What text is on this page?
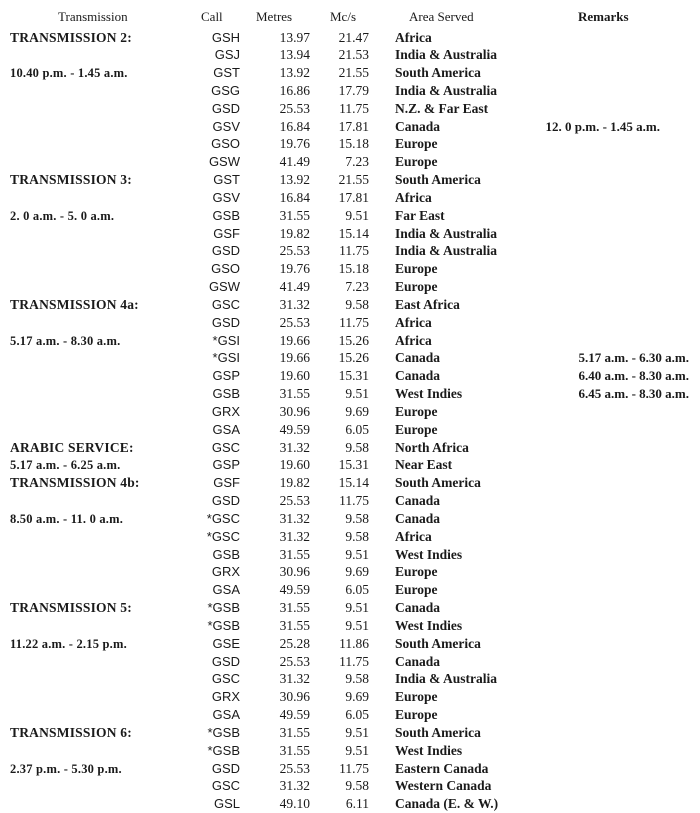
Transmission	Call	Metres	Mc/s	Area Served	Remarks
TRANSMISSION 2:	GSH	13.97	21.47 Africa
GSJ	13.94	21.53 India & Australia
10.40 p.m. - 1.45 a.m.	GST	13.92	21.55 South America
GSG	16.86	17.79 India & Australia
GSD	25.53	11.75 N.Z. & Far East
GSV	16.84	17.81 Canada	12. 0 p.m. - 1.45 a.m.
GSO	19.76	15.18 Europe
GSW	41.49	7.23 Europe
TRANSMISSION 3:	GST	13.92	21.55 South America
GSV	16.84	17.81 Africa
2. 0 a.m. - 5. 0 a.m.	GSB	31.55	9.51 Far East
GSF	19.82	15.14 India & Australia
GSD	25.53	11.75 India & Australia
GSO	19.76	15.18 Europe
GSW	41.49	7.23 Europe
TRANSMISSION 4a:	GSC	31.32	9.58 East Africa
GSD	25.53	11.75 Africa
5.17 a.m. - 8.30 a.m.	*GSI	19.66	15.26 Africa
*GSI	19.66	15.26 Canada	5.17 a.m. - 6.30 a.m.
GSP	19.60	15.31 Canada	6.40 a.m. - 8.30 a.m.
GSB	31.55	9.51 West Indies	6.45 a.m. - 8.30 a.m.
GRX	30.96	9.69 Europe
GSA	49.59	6.05 Europe
ARABIC SERVICE:	GSC	31.32	9.58 North Africa
5.17 a.m. - 6.25 a.m.	GSP	19.60	15.31 Near East
TRANSMISSION 4b:	GSF	19.82	15.14 South America
GSD	25.53	11.75 Canada
8.50 a.m. - 11. 0 a.m.	*GSC	31.32	9.58 Canada
*GSC	31.32	9.58 Africa
GSB	31.55	9.51 West Indies
GRX	30.96	9.69 Europe
GSA	49.59	6.05 Europe
TRANSMISSION 5:	*GSB	31.55	9.51 Canada
*GSB	31.55	9.51 West Indies
11.22 a.m. - 2.15 p.m.	GSE	25.28	11.86 South America
GSD	25.53	11.75 Canada
GSC	31.32	9.58 India & Australia
GRX	30.96	9.69 Europe
GSA	49.59	6.05 Europe
TRANSMISSION 6:	*GSB	31.55	9.51 South America
*GSB	31.55	9.51 West Indies
2.37 p.m. - 5.30 p.m.	GSD	25.53	11.75 Eastern Canada
GSC	31.32	9.58 Western Canada
GSL	49.10	6.11 Canada (E. & W.)
